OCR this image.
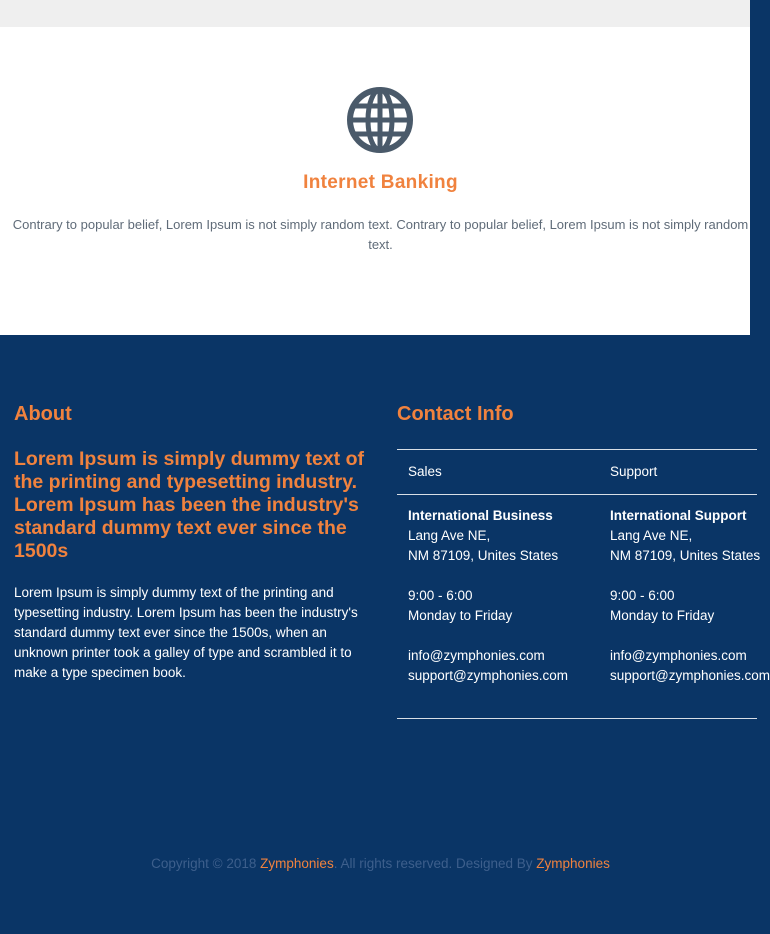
Internet Banking

Contrary to popular belief, Lorem Ipsum is not simply random text. Contrary to popular belief, Lorem Ipsum is not simply random text.

About

Lorem Ipsum is simply dummy text of the printing and typesetting industry. Lorem Ipsum has been the industry's standard dummy text ever since the 1500s

Lorem Ipsum is simply dummy text of the printing and typesetting industry. Lorem Ipsum has been the industry's standard dummy text ever since the 1500s, when an unknown printer took a galley of type and scrambled it to make a type specimen book.

Contact Info
Sales	Support
International Business
Lang Ave NE,
NM 87109, Unites States
9:00 - 6:00
Monday to Friday
info@zymphonies.com
support@zymphonies.com
International Support
Lang Ave NE,
NM 87109, Unites States
9:00 - 6:00
Monday to Friday
info@zymphonies.com
support@zymphonies.com

Copyright © 2018 Zymphonies. All rights reserved. Designed By Zymphonies
